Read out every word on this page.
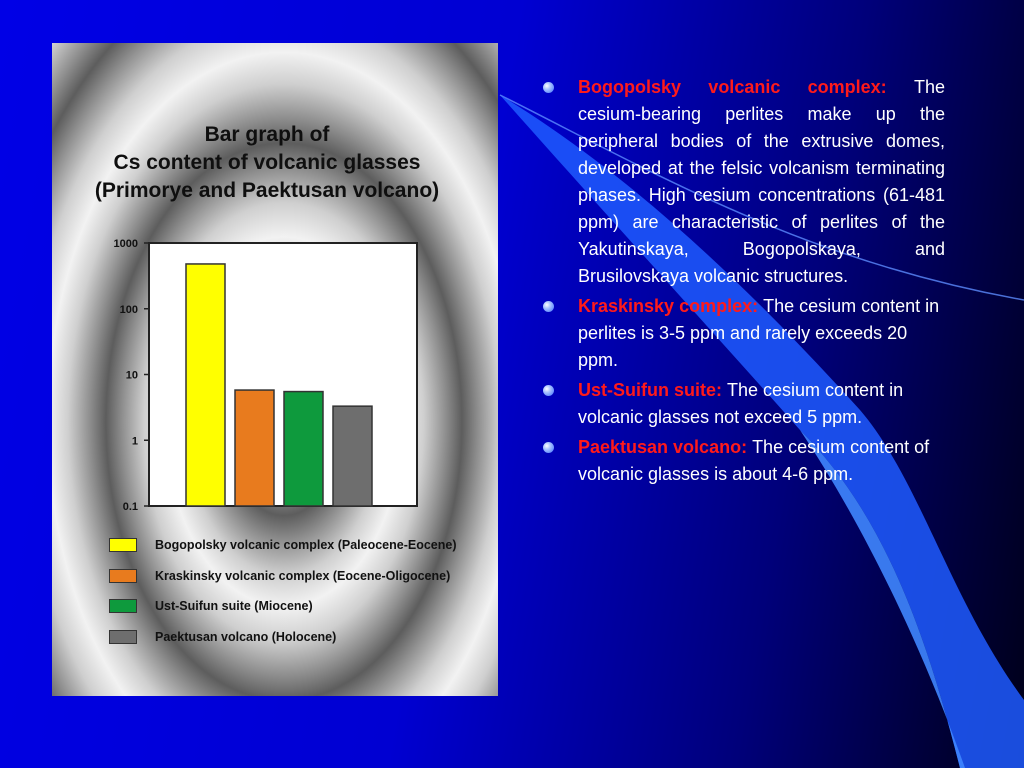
Bar graph of
Cs content of volcanic glasses
(Primorye and Paektusan volcano)
1000
100
10
1
0.1
Bogopolsky volcanic complex (Paleocene-Eocene)
Kraskinsky volcanic complex (Eocene-Oligocene)
Ust-Suifun suite (Miocene)
Paektusan volcano (Holocene)
Bogopolsky volcanic complex: The cesium-bearing perlites make up the peripheral bodies of the extrusive domes, developed at the felsic volcanism terminating phases. High cesium concentrations (61-481 ppm) are characteristic of perlites of the Yakutinskaya, Bogopolskaya, and Brusilovskaya volcanic structures.
Kraskinsky complex: The cesium content in perlites is 3-5 ppm and rarely exceeds 20 ppm.
Ust-Suifun suite: The cesium content in volcanic glasses not exceed 5 ppm.
Paektusan volcano: The cesium content of volcanic glasses is about 4-6 ppm.
